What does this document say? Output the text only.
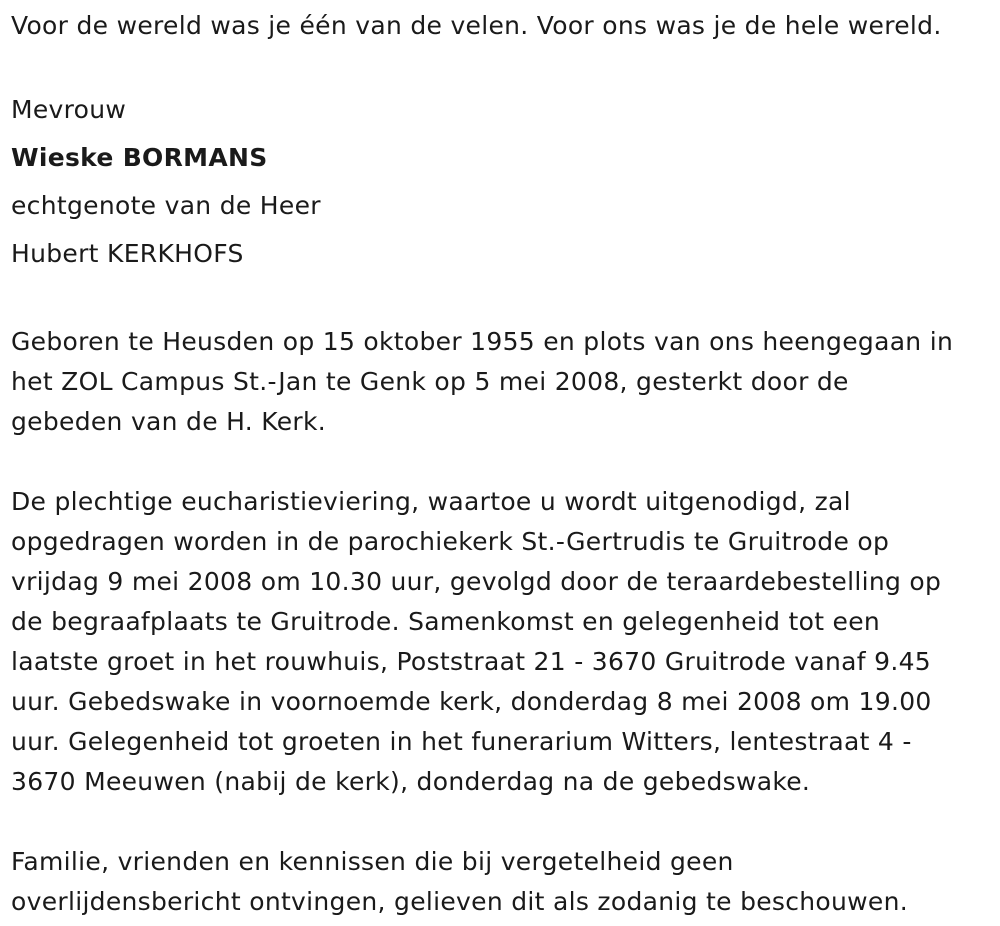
Voor de wereld was je één van de velen. Voor ons was je de hele wereld.

Mevrouw

Wieske BORMANS

echtgenote van de Heer

Hubert KERKHOFS

Geboren te Heusden op 15 oktober 1955 en plots van ons heengegaan in
het ZOL Campus St.-Jan te Genk op 5 mei 2008, gesterkt door de
gebeden van de H. Kerk.

De plechtige eucharistieviering, waartoe u wordt uitgenodigd, zal
opgedragen worden in de parochiekerk St.-Gertrudis te Gruitrode op
vrijdag 9 mei 2008 om 10.30 uur, gevolgd door de teraardebestelling op
de begraafplaats te Gruitrode. Samenkomst en gelegenheid tot een
laatste groet in het rouwhuis, Poststraat 21 - 3670 Gruitrode vanaf 9.45
uur. Gebedswake in voornoemde kerk, donderdag 8 mei 2008 om 19.00
uur. Gelegenheid tot groeten in het funerarium Witters, lentestraat 4 -
3670 Meeuwen (nabij de kerk), donderdag na de gebedswake.

Familie, vrienden en kennissen die bij vergetelheid geen
overlijdensbericht ontvingen, gelieven dit als zodanig te beschouwen.
